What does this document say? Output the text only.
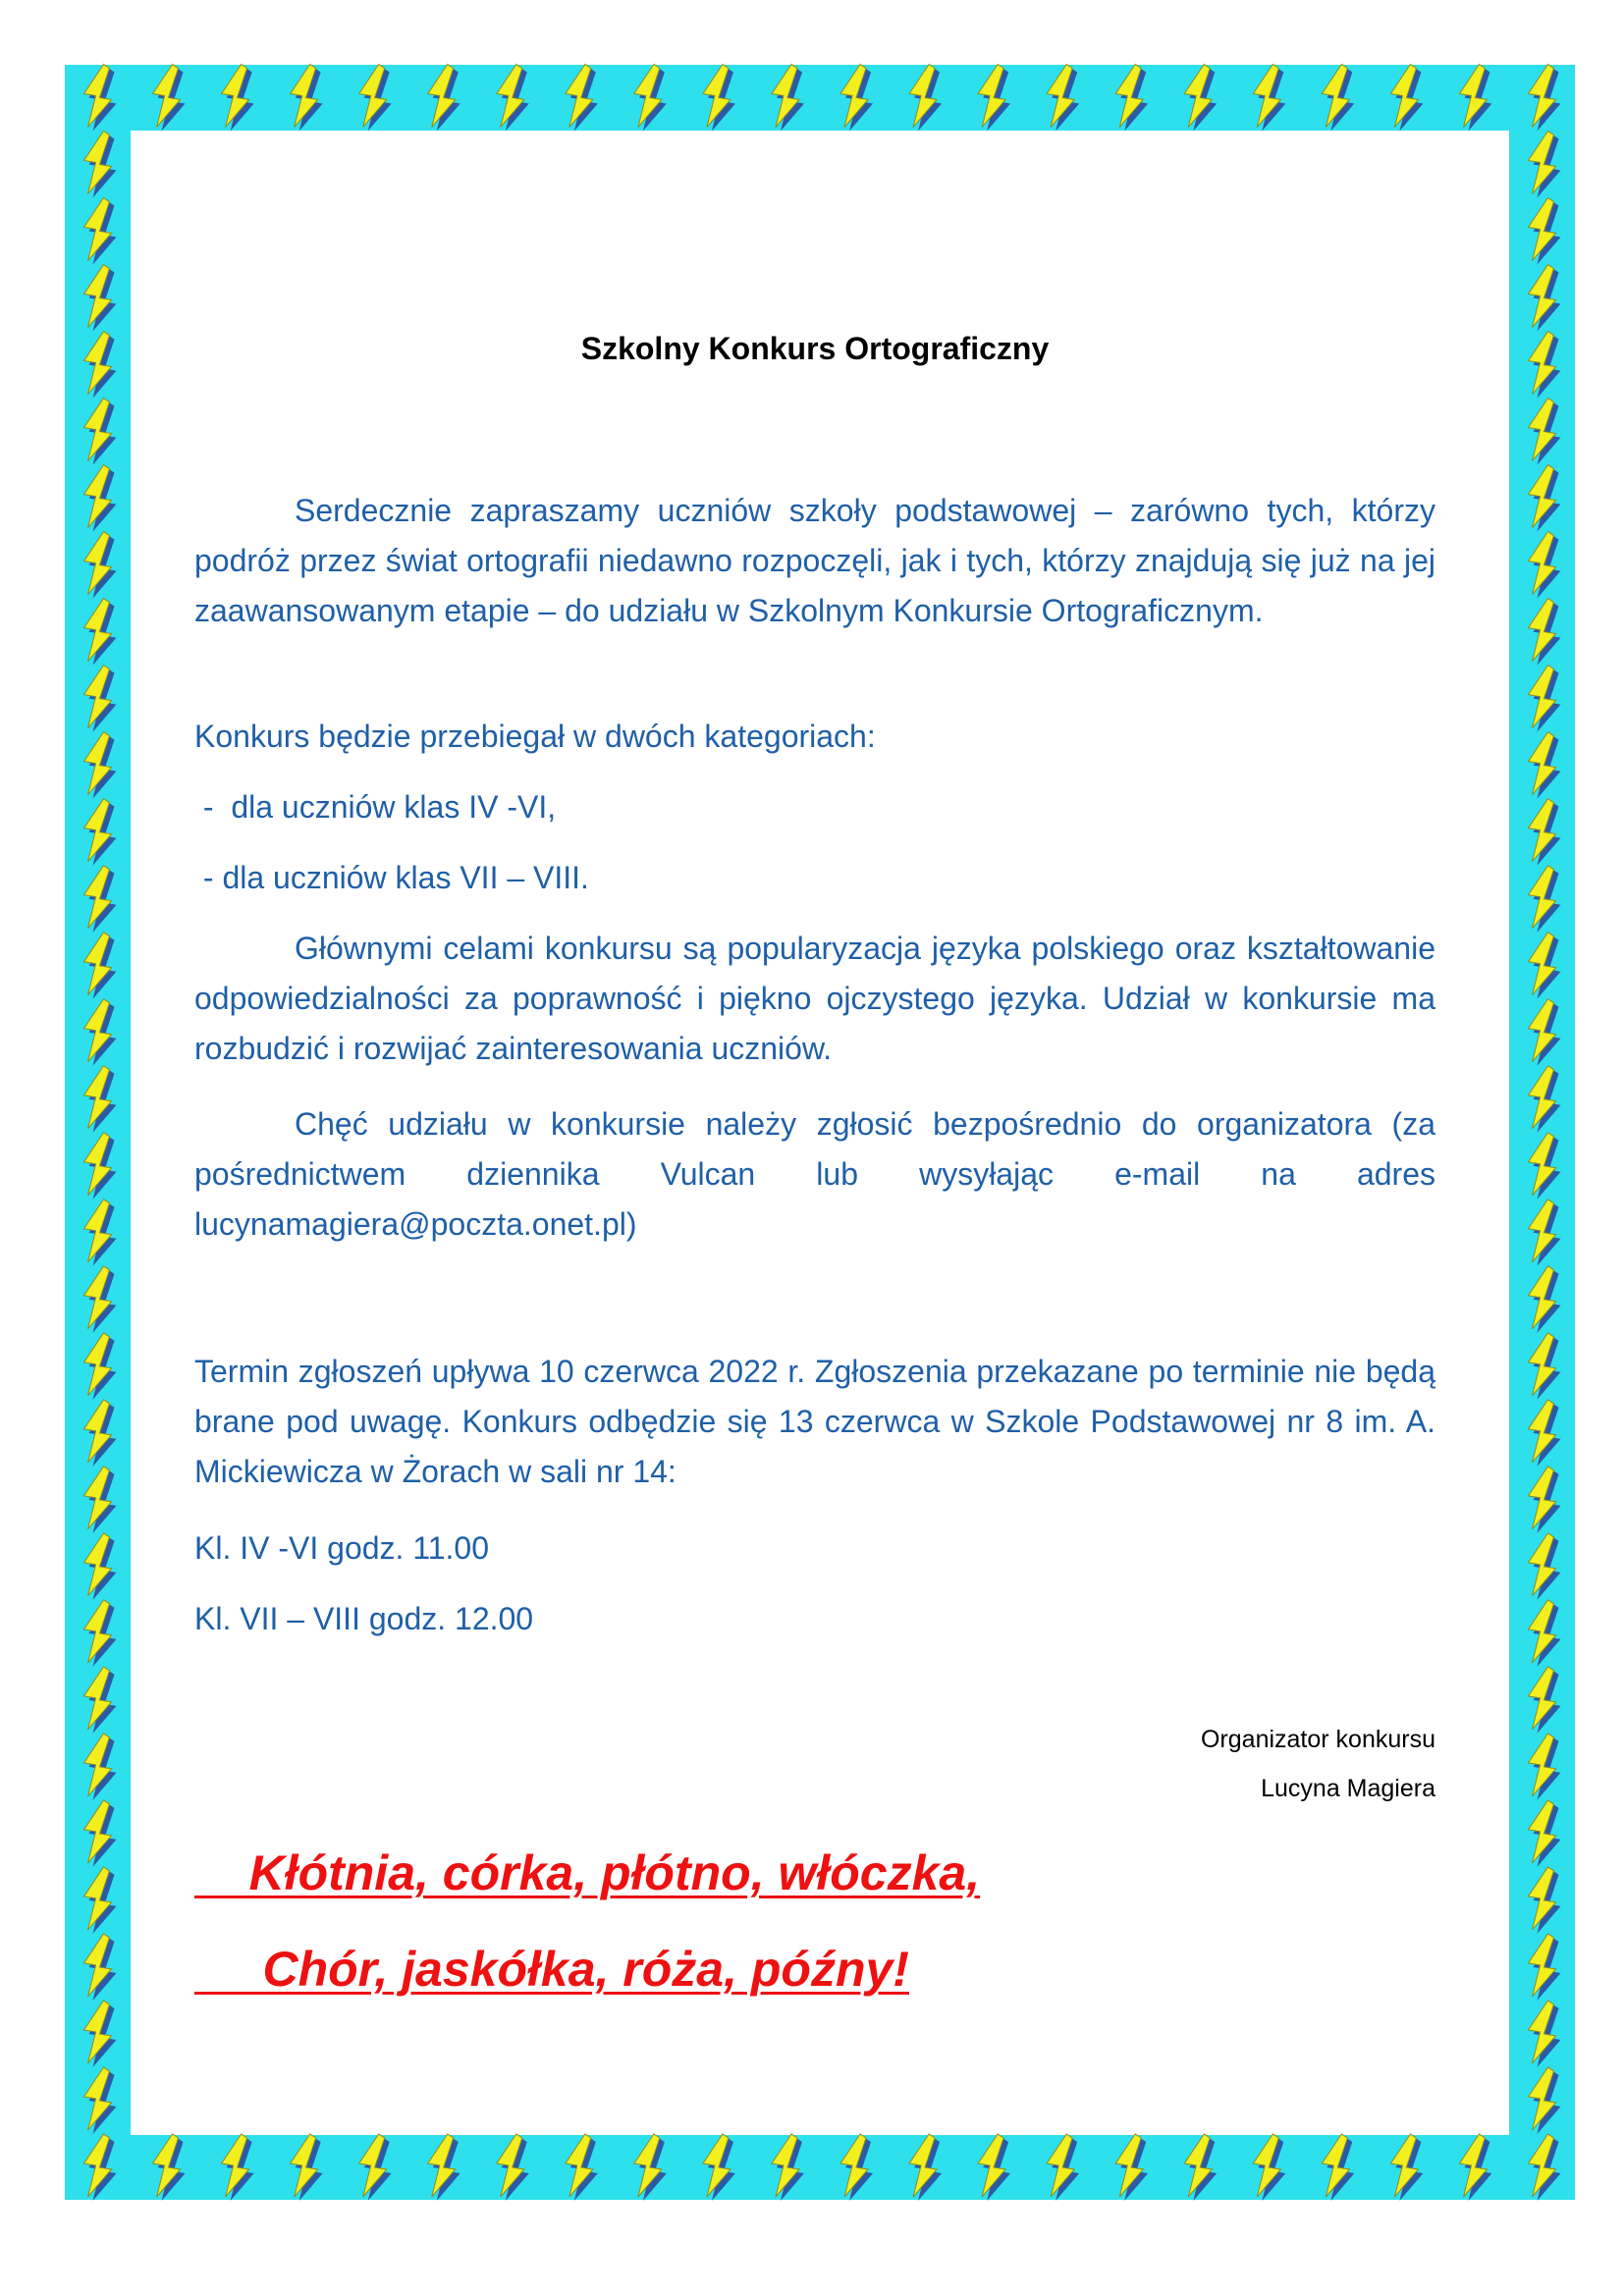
Szkolny Konkurs Ortograficzny

Serdecznie zapraszamy uczniów szkoły podstawowej – zarówno tych, którzy podróż przez świat ortografii niedawno rozpoczęli, jak i tych, którzy znajdują się już na jej zaawansowanym etapie – do udziału w Szkolnym Konkursie Ortograficznym.

Konkurs będzie przebiegał w dwóch kategoriach:

-  dla uczniów klas IV -VI,

- dla uczniów klas VII – VIII.

Głównymi celami konkursu są popularyzacja języka polskiego oraz kształtowanie odpowiedzialności za poprawność i piękno ojczystego języka. Udział w konkursie ma rozbudzić i rozwijać zainteresowania uczniów.

Chęć udziału w konkursie należy zgłosić bezpośrednio do organizatora (za pośrednictwem dziennika Vulcan lub wysyłając e-mail na adres lucynamagiera@poczta.onet.pl)

Termin zgłoszeń upływa 10 czerwca 2022 r. Zgłoszenia przekazane po terminie nie będą brane pod uwagę. Konkurs odbędzie się 13 czerwca w Szkole Podstawowej nr 8 im. A. Mickiewicza w Żorach w sali nr 14:

Kl. IV -VI godz. 11.00

Kl. VII – VIII godz. 12.00

Organizator konkursu
Lucyna Magiera
Kłótnia, córka, płótno, włóczka,
Chór, jaskółka, róża, późny!
